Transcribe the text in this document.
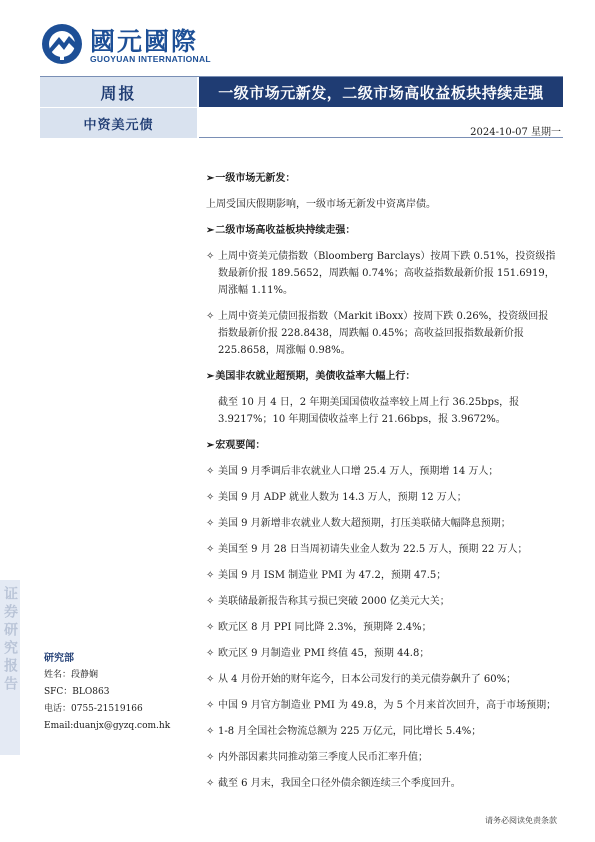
國元國際
GUOYUAN INTERNATIONAL
周报	一级市场元新发，二级市场高收益板块持续走强
中资美元债	2024-10-07 星期一
证券研究报告	研究部
姓名：段静娴
SFC：BLO863
电话：0755-21519166
Email:duanjx@gyzq.com.hk
➢一级市场无新发：
上周受国庆假期影响，一级市场无新发中资离岸债。
➢二级市场高收益板块持续走强：
✧ 上周中资美元债指数（Bloomberg Barclays）按周下跌 0.51%，投资级指数最新价报 189.5652，周跌幅 0.74%；高收益指数最新价报 151.6919，周涨幅 1.11%。
✧ 上周中资美元债回报指数（Markit iBoxx）按周下跌 0.26%，投资级回报指数最新价报 228.8438，周跌幅 0.45%；高收益回报指数最新价报 225.8658，周涨幅 0.98%。
➢美国非农就业超预期，美债收益率大幅上行：
截至 10 月 4 日，2 年期美国国债收益率较上周上行 36.25bps，报 3.9217%；10 年期国债收益率上行 21.66bps，报 3.9672%。
➢宏观要闻：
✧ 美国 9 月季调后非农就业人口增 25.4 万人，预期增 14 万人；
✧ 美国 9 月 ADP 就业人数为 14.3 万人，预期 12 万人；
✧ 美国 9 月新增非农就业人数大超预期，打压美联储大幅降息预期；
✧ 美国至 9 月 28 日当周初请失业金人数为 22.5 万人，预期 22 万人；
✧ 美国 9 月 ISM 制造业 PMI 为 47.2，预期 47.5；
✧ 美联储最新报告称其亏损已突破 2000 亿美元大关；
✧ 欧元区 8 月 PPI 同比降 2.3%，预期降 2.4%；
✧ 欧元区 9 月制造业 PMI 终值 45，预期 44.8；
✧ 从 4 月份开始的财年迄今，日本公司发行的美元债券飙升了 60%；
✧ 中国 9 月官方制造业 PMI 为 49.8，为 5 个月来首次回升，高于市场预期；
✧ 1-8 月全国社会物流总额为 225 万亿元，同比增长 5.4%；
✧ 内外部因素共同推动第三季度人民币汇率升值；
✧ 截至 6 月末，我国全口径外债余额连续三个季度回升。
请务必阅读免责条款
